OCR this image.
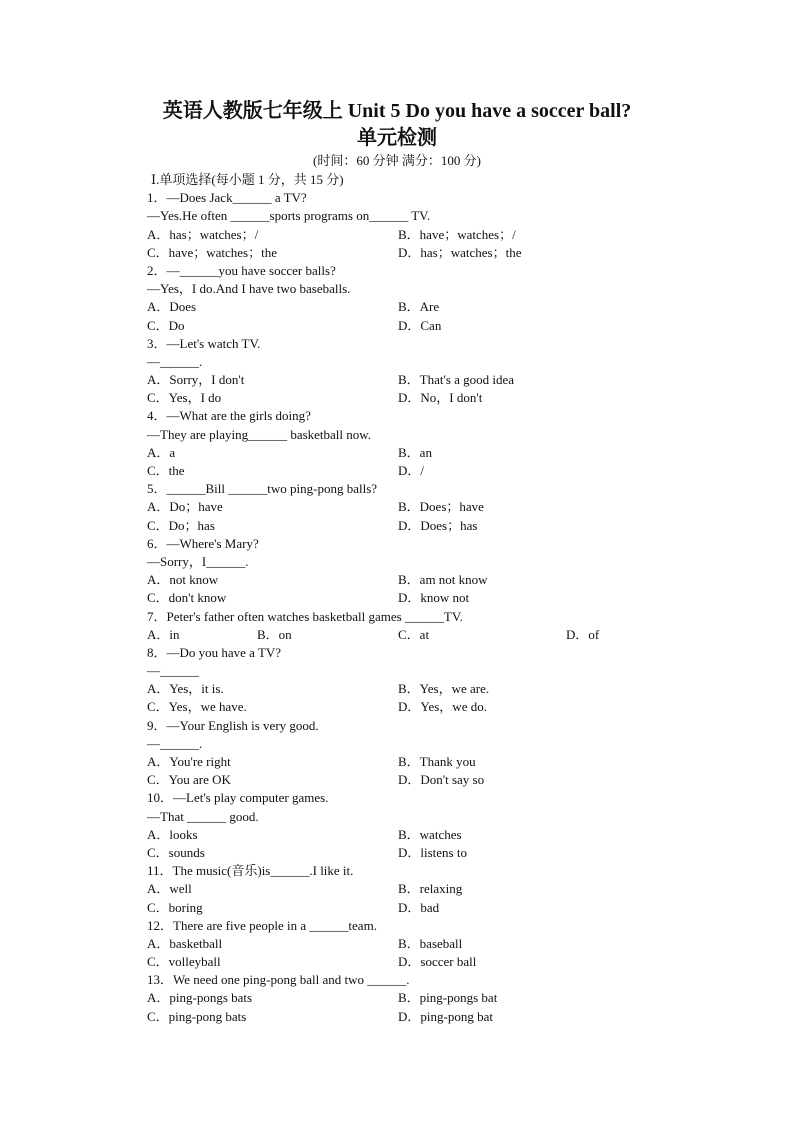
英语人教版七年级上 Unit 5 Do you have a soccer ball?
单元检测
(时间：60 分钟 满分：100 分)
Ⅰ.单项选择(每小题 1 分，共 15 分)
1．—Does Jack______ a TV?
—Yes.He often ______sports programs on______ TV.
A．has；watches；/	B．have；watches；/
C．have；watches；the	D．has；watches；the
2．—______you have soccer balls?
—Yes，I do.And I have two baseballs.
A．Does	B．Are
C．Do	D．Can
3．—Let's watch TV.
—______.
A．Sorry，I don't	B．That's a good idea
C．Yes，I do	D．No，I don't
4．—What are the girls doing?
—They are playing______ basketball now.
A．a	B．an
C．the	D．/
5．______Bill ______two ping-pong balls?
A．Do；have	B．Does；have
C．Do；has	D．Does；has
6．—Where's Mary?
—Sorry，I______.
A．not know	B．am not know
C．don't know	D．know not
7．Peter's father often watches basketball games ______TV.
A．in	B．on	C．at	D．of
8．—Do you have a TV?
—______
A．Yes，it is.	B．Yes，we are.
C．Yes，we have.	D．Yes，we do.
9．—Your English is very good.
—______.
A．You're right	B．Thank you
C．You are OK	D．Don't say so
10．—Let's play computer games.
—That ______ good.
A．looks	B．watches
C．sounds	D．listens to
11．The music(音乐)is______.I like it.
A．well	B．relaxing
C．boring	D．bad
12．There are five people in a ______team.
A．basketball	B．baseball
C．volleyball	D．soccer ball
13．We need one ping-pong ball and two ______.
A．ping-pongs bats	B．ping-pongs bat
C．ping-pong bats	D．ping-pong bat
